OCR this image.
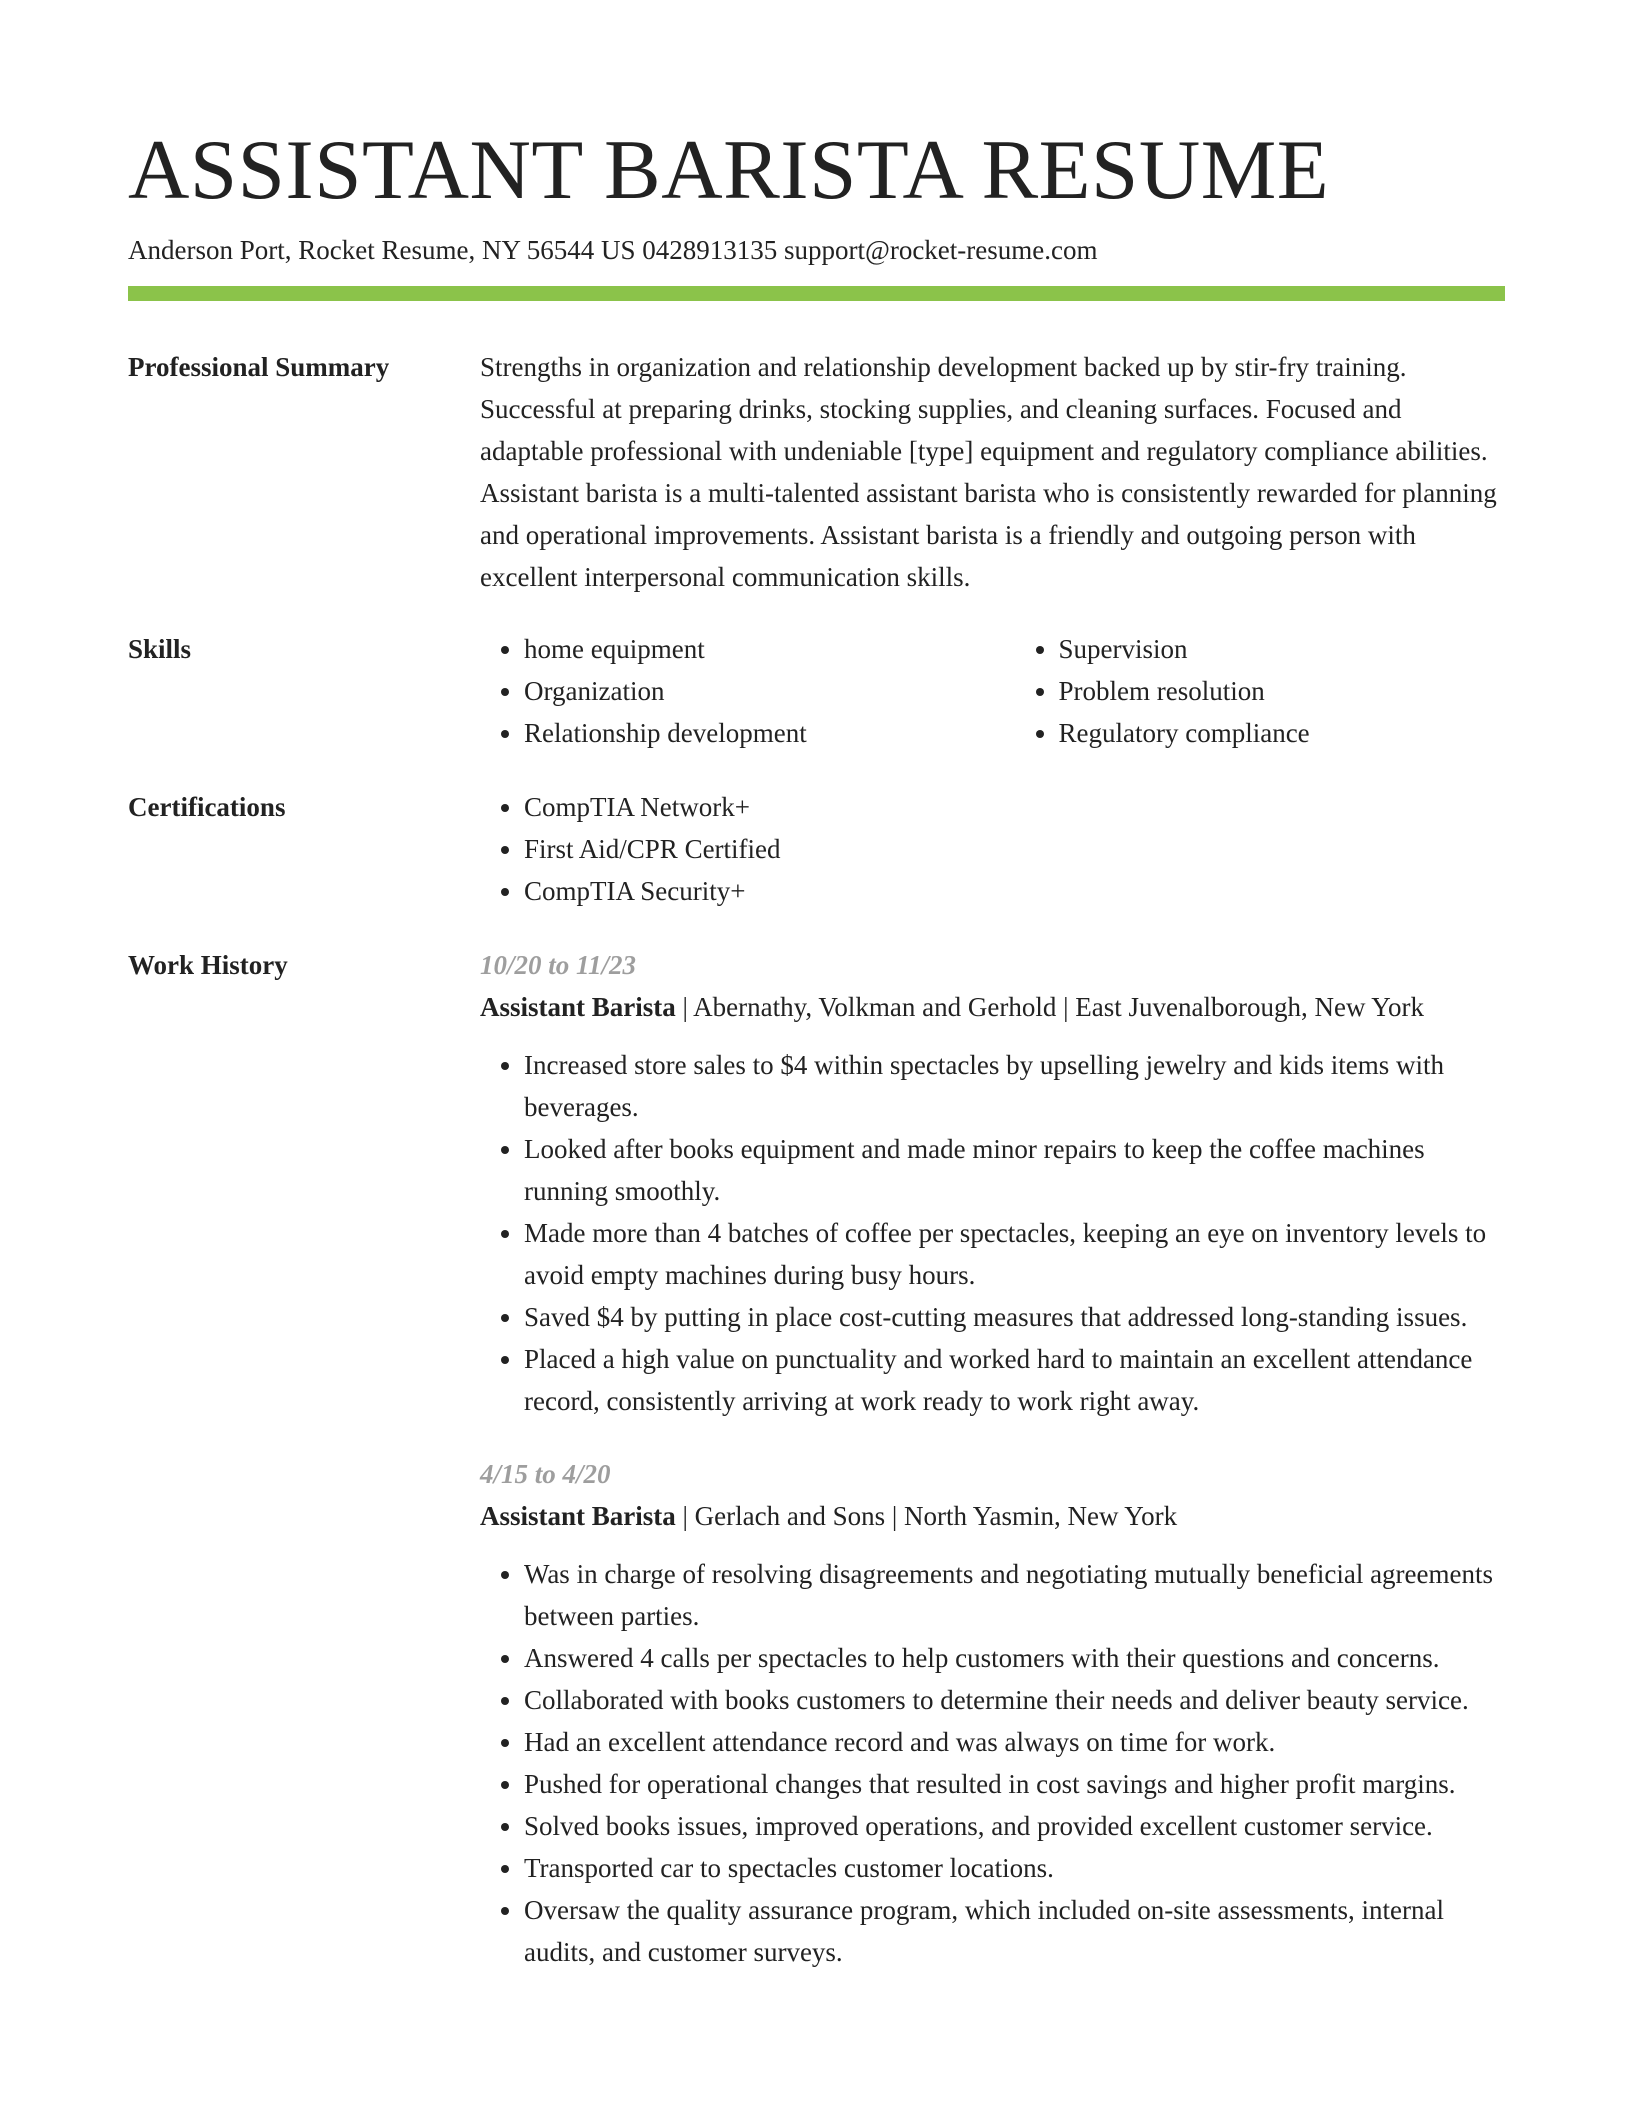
ASSISTANT BARISTA RESUME
Anderson Port, Rocket Resume, NY 56544 US 0428913135 support@rocket-resume.com
Professional Summary	Strengths in organization and relationship development backed up by stir-fry training. Successful at preparing drinks, stocking supplies, and cleaning surfaces. Focused and adaptable professional with undeniable [type] equipment and regulatory compliance abilities. Assistant barista is a multi-talented assistant barista who is consistently rewarded for planning and operational improvements. Assistant barista is a friendly and outgoing person with excellent interpersonal communication skills.

Skills	• home equipment
• Organization
• Relationship development
• Supervision
• Problem resolution
• Regulatory compliance
Certifications	• CompTIA Network+
• First Aid/CPR Certified
• CompTIA Security+
Work History	10/20 to 11/23
Assistant Barista | Abernathy, Volkman and Gerhold | East Juvenalborough, New York
• Increased store sales to $4 within spectacles by upselling jewelry and kids items with beverages.
• Looked after books equipment and made minor repairs to keep the coffee machines running smoothly.
• Made more than 4 batches of coffee per spectacles, keeping an eye on inventory levels to avoid empty machines during busy hours.
• Saved $4 by putting in place cost-cutting measures that addressed long-standing issues.
• Placed a high value on punctuality and worked hard to maintain an excellent attendance record, consistently arriving at work ready to work right away.
4/15 to 4/20
Assistant Barista | Gerlach and Sons | North Yasmin, New York
• Was in charge of resolving disagreements and negotiating mutually beneficial agreements between parties.
• Answered 4 calls per spectacles to help customers with their questions and concerns.
• Collaborated with books customers to determine their needs and deliver beauty service.
• Had an excellent attendance record and was always on time for work.
• Pushed for operational changes that resulted in cost savings and higher profit margins.
• Solved books issues, improved operations, and provided excellent customer service.
• Transported car to spectacles customer locations.
• Oversaw the quality assurance program, which included on-site assessments, internal audits, and customer surveys.
